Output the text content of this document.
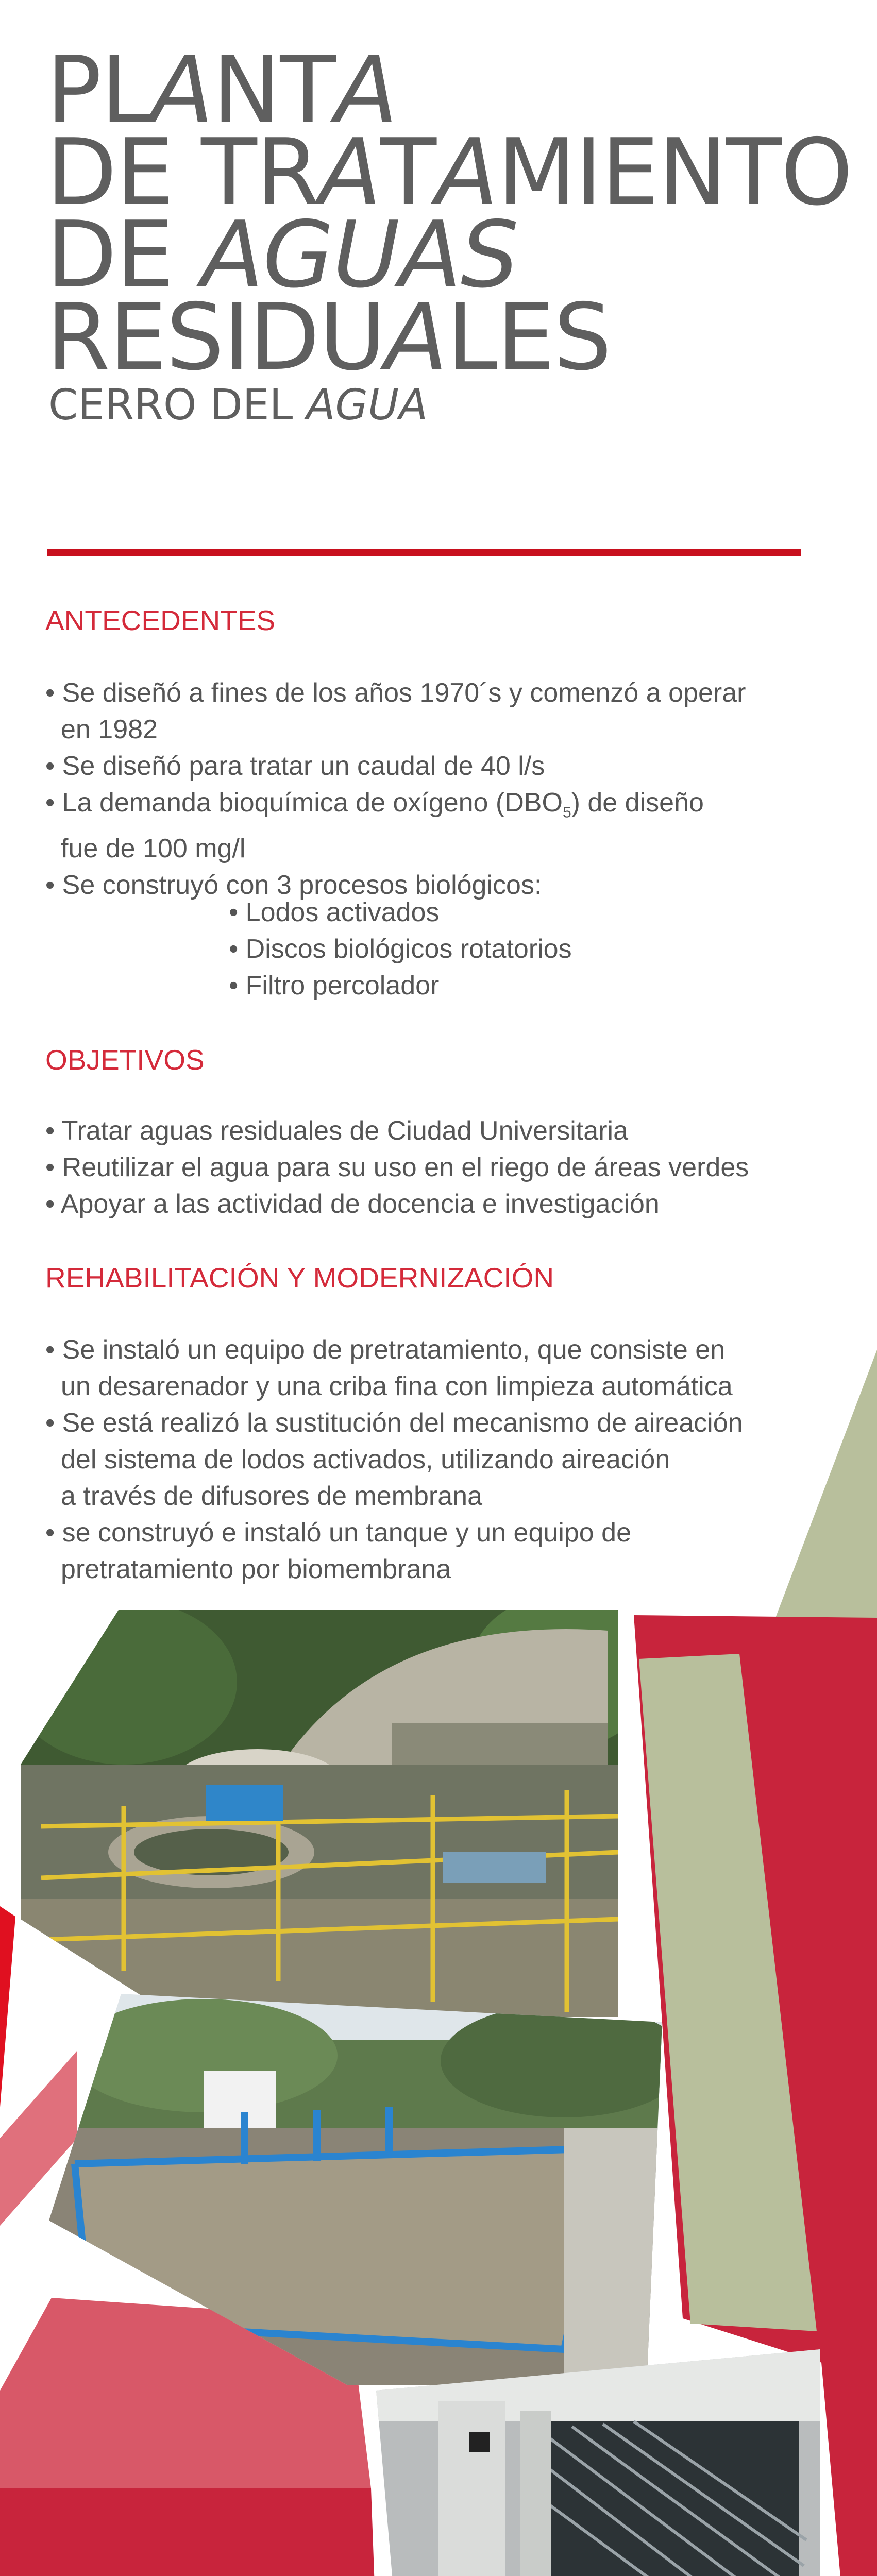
PLANTA
DE TRATAMIENTO
DE AGUAS
RESIDUALES
CERRO DEL AGUA
ANTECEDENTES
• Se diseñó a fines de los años 1970´s y comenzó a operar
en 1982
• Se diseñó para tratar un caudal de 40 l/s
• La demanda bioquímica de oxígeno $(DBO_5)$ de diseño
fue de 100 mg/l
• Se construyó con 3 procesos biológicos:
• Lodos activados
• Discos biológicos rotatorios
• Filtro percolador
OBJETIVOS
• Tratar aguas residuales de Ciudad Universitaria
• Reutilizar el agua para su uso en el riego de áreas verdes
• Apoyar a las actividad de docencia e investigación
REHABILITACIÓN Y MODERNIZACIÓN
• Se instaló un equipo de pretratamiento, que consiste en
un desarenador y una criba fina con limpieza automática
• Se está realizó la sustitución del mecanismo de aireación
del sistema de lodos activados, utilizando aireación
a través de difusores de membrana
• se construyó e instaló un tanque y un equipo de
pretratamiento por biomembrana
